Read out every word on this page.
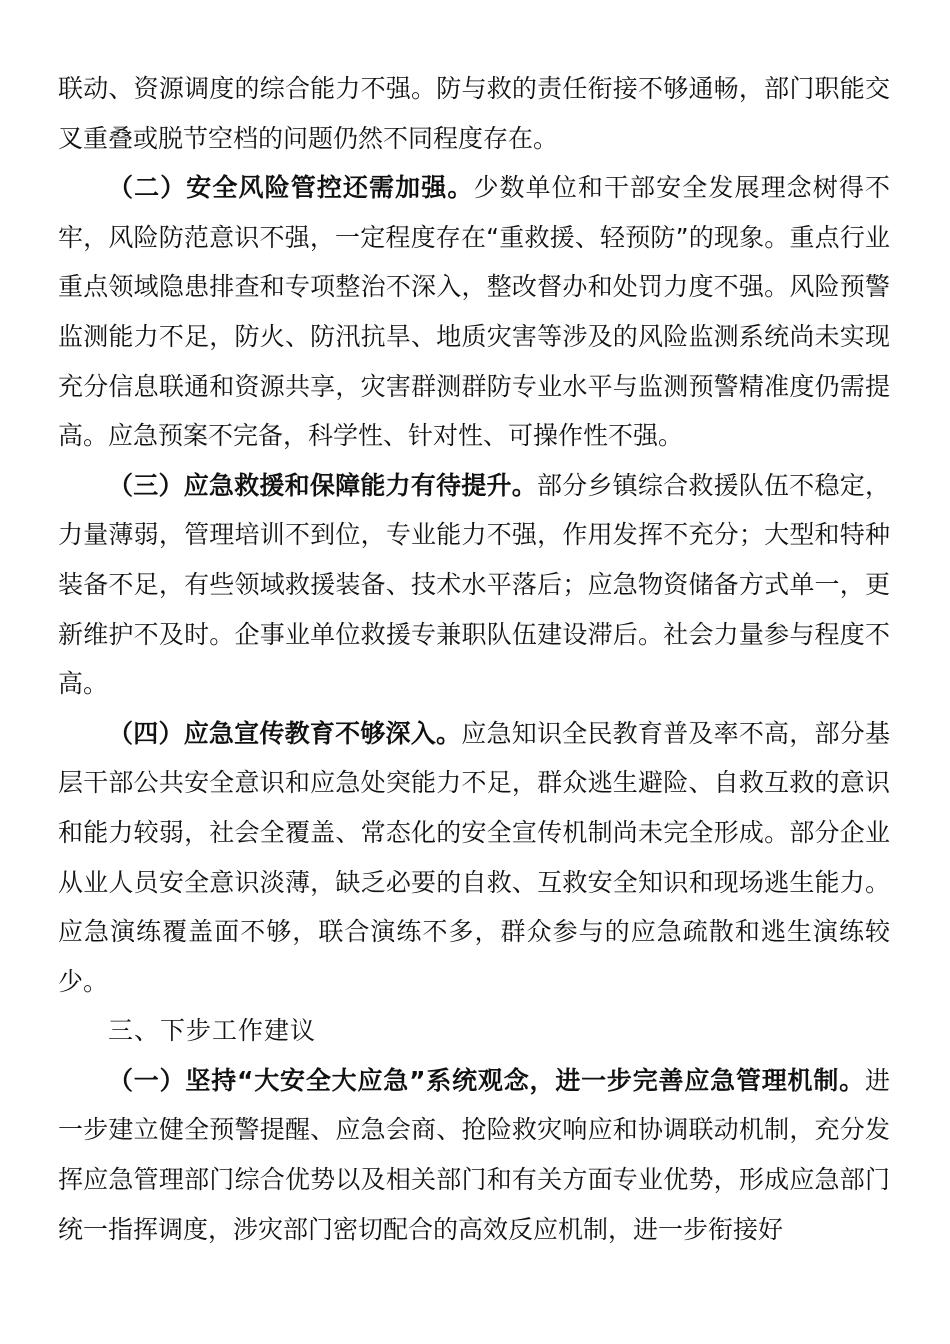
联动、资源调度的综合能力不强。防与救的责任衔接不够通畅，部门职能交叉重叠或脱节空档的问题仍然不同程度存在。

（二）安全风险管控还需加强。少数单位和干部安全发展理念树得不牢，风险防范意识不强，一定程度存在“重救援、轻预防”的现象。重点行业重点领域隐患排查和专项整治不深入，整改督办和处罚力度不强。风险预警监测能力不足，防火、防汛抗旱、地质灾害等涉及的风险监测系统尚未实现充分信息联通和资源共享，灾害群测群防专业水平与监测预警精准度仍需提高。应急预案不完备，科学性、针对性、可操作性不强。

（三）应急救援和保障能力有待提升。部分乡镇综合救援队伍不稳定，力量薄弱，管理培训不到位，专业能力不强，作用发挥不充分；大型和特种装备不足，有些领域救援装备、技术水平落后；应急物资储备方式单一，更新维护不及时。企事业单位救援专兼职队伍建设滞后。社会力量参与程度不高。

（四）应急宣传教育不够深入。应急知识全民教育普及率不高，部分基层干部公共安全意识和应急处突能力不足，群众逃生避险、自救互救的意识和能力较弱，社会全覆盖、常态化的安全宣传机制尚未完全形成。部分企业从业人员安全意识淡薄，缺乏必要的自救、互救安全知识和现场逃生能力。应急演练覆盖面不够，联合演练不多，群众参与的应急疏散和逃生演练较少。

三、下步工作建议

（一）坚持“大安全大应急”系统观念，进一步完善应急管理机制。进一步建立健全预警提醒、应急会商、抢险救灾响应和协调联动机制，充分发挥应急管理部门综合优势以及相关部门和有关方面专业优势，形成应急部门统一指挥调度，涉灾部门密切配合的高效反应机制，进一步衔接好
